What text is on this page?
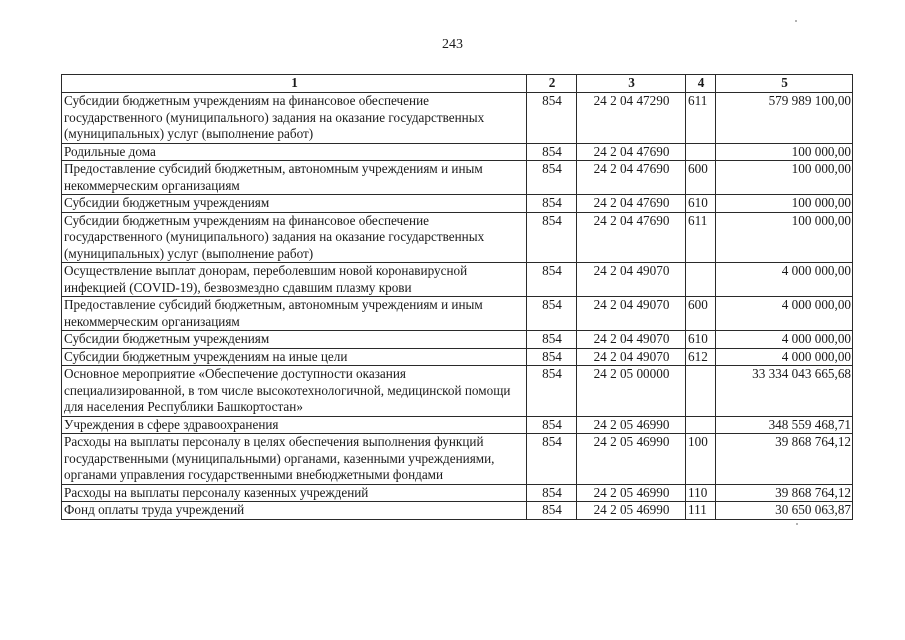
243
1	2	3	4	5
Субсидии бюджетным учреждениям на финансовое обеспечение государственного (муниципального) задания на оказание государственных (муниципальных) услуг (выполнение работ)	854	24 2 04 47290	611	579 989 100,00
Родильные дома	854	24 2 04 47690		100 000,00
Предоставление субсидий бюджетным, автономным учреждениям и иным некоммерческим организациям	854	24 2 04 47690	600	100 000,00
Субсидии бюджетным учреждениям	854	24 2 04 47690	610	100 000,00
Субсидии бюджетным учреждениям на финансовое обеспечение государственного (муниципального) задания на оказание государственных (муниципальных) услуг (выполнение работ)	854	24 2 04 47690	611	100 000,00
Осуществление выплат донорам, переболевшим новой коронавирусной инфекцией (COVID-19), безвозмездно сдавшим плазму крови	854	24 2 04 49070		4 000 000,00
Предоставление субсидий бюджетным, автономным учреждениям и иным некоммерческим организациям	854	24 2 04 49070	600	4 000 000,00
Субсидии бюджетным учреждениям	854	24 2 04 49070	610	4 000 000,00
Субсидии бюджетным учреждениям на иные цели	854	24 2 04 49070	612	4 000 000,00
Основное мероприятие «Обеспечение доступности оказания специализированной, в том числе высокотехнологичной, медицинской помощи для населения Республики Башкортостан»	854	24 2 05 00000		33 334 043 665,68
Учреждения в сфере здравоохранения	854	24 2 05 46990		348 559 468,71
Расходы на выплаты персоналу в целях обеспечения выполнения функций государственными (муниципальными) органами, казенными учреждениями, органами управления государственными внебюджетными фондами	854	24 2 05 46990	100	39 868 764,12
Расходы на выплаты персоналу казенных учреждений	854	24 2 05 46990	110	39 868 764,12
Фонд оплаты труда учреждений	854	24 2 05 46990	111	30 650 063,87
